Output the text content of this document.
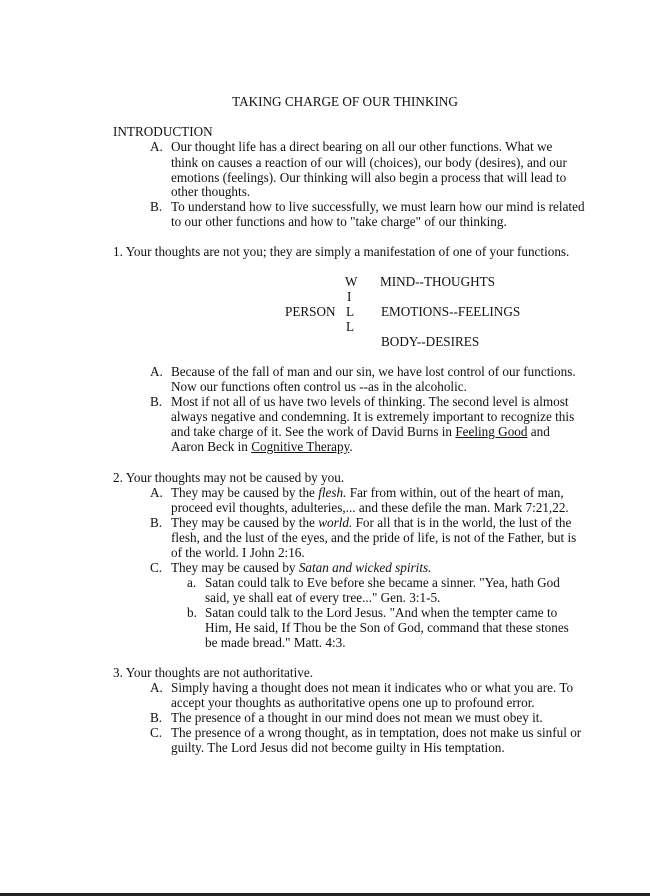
TAKING CHARGE OF OUR THINKING
INTRODUCTION
A. Our thought life has a direct bearing on all our other functions. What we
think on causes a reaction of our will (choices), our body (desires), and our
emotions (feelings). Our thinking will also begin a process that will lead to
other thoughts.
B. To understand how to live successfully, we must learn how our mind is related
to our other functions and how to "take charge" of our thinking.
1. Your thoughts are not you; they are simply a manifestation of one of your functions.
W
I
L
L
PERSON
MIND--THOUGHTS
EMOTIONS--FEELINGS
BODY--DESIRES
A. Because of the fall of man and our sin, we have lost control of our functions.
Now our functions often control us --as in the alcoholic.
B. Most if not all of us have two levels of thinking. The second level is almost
always negative and condemning. It is extremely important to recognize this
and take charge of it. See the work of David Burns in Feeling Good and
Aaron Beck in Cognitive Therapy.
2. Your thoughts may not be caused by you.
A. They may be caused by the flesh. Far from within, out of the heart of man,
proceed evil thoughts, adulteries,... and these defile the man. Mark 7:21,22.
B. They may be caused by the world. For all that is in the world, the lust of the
flesh, and the lust of the eyes, and the pride of life, is not of the Father, but is
of the world. I John 2:16.
C. They may be caused by Satan and wicked spirits.
a. Satan could talk to Eve before she became a sinner. "Yea, hath God
said, ye shall eat of every tree..." Gen. 3:1-5.
b. Satan could talk to the Lord Jesus. "And when the tempter came to
Him, He said, If Thou be the Son of God, command that these stones
be made bread." Matt. 4:3.
3. Your thoughts are not authoritative.
A. Simply having a thought does not mean it indicates who or what you are. To
accept your thoughts as authoritative opens one up to profound error.
B. The presence of a thought in our mind does not mean we must obey it.
C. The presence of a wrong thought, as in temptation, does not make us sinful or
guilty. The Lord Jesus did not become guilty in His temptation.
